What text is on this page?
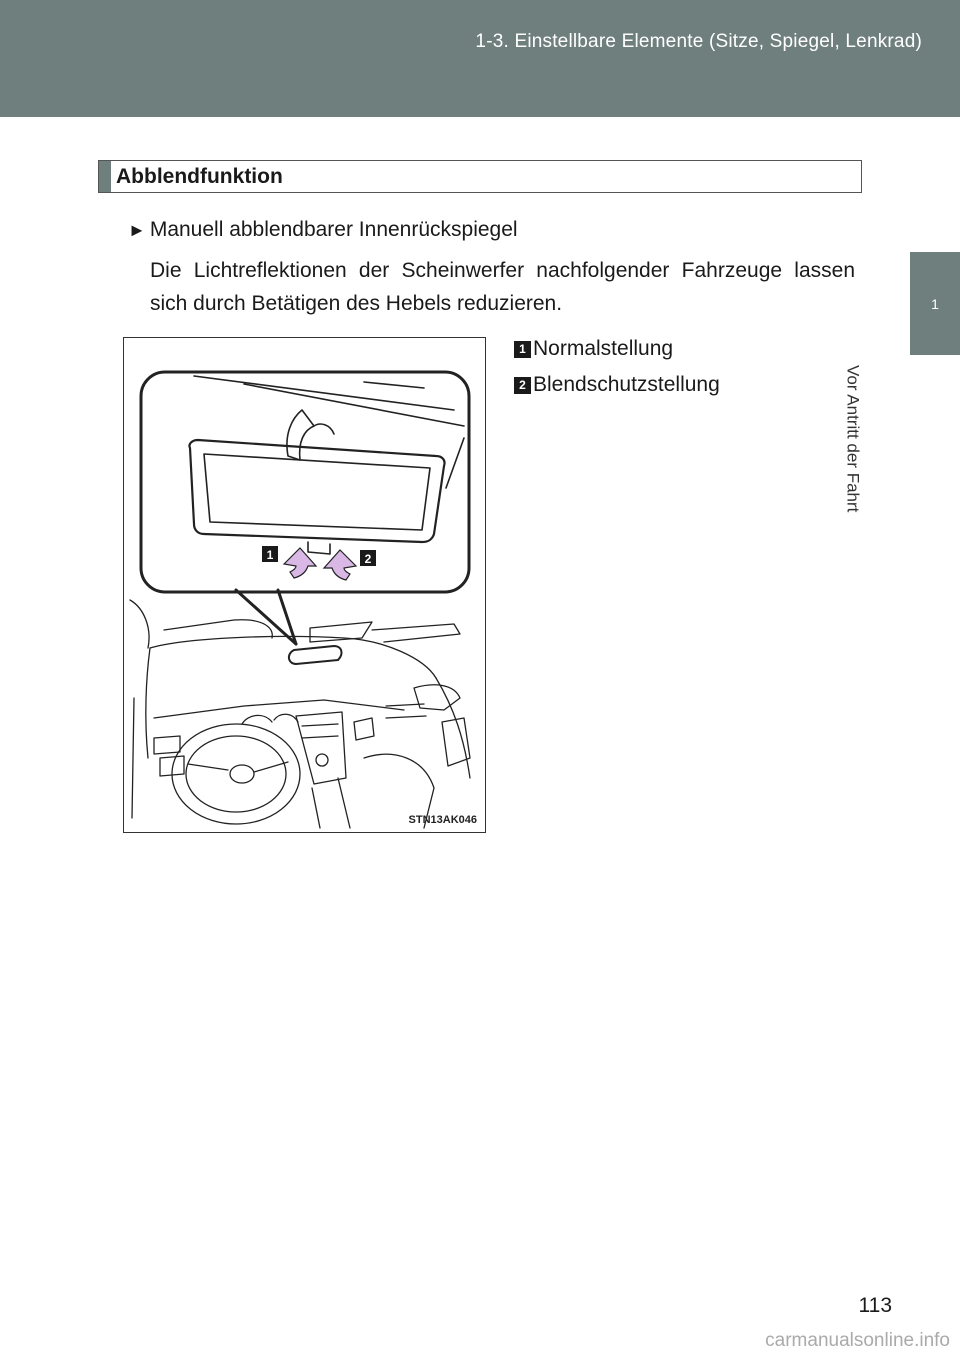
1-3. Einstellbare Elemente (Sitze, Spiegel, Lenkrad)
1
Vor Antritt der Fahrt
Abblendfunktion
► Manuell abblendbarer Innenrückspiegel
Die Lichtreflektionen der Scheinwerfer nachfolgender Fahrzeuge lassen sich durch Betätigen des Hebels reduzieren.
1	2
STN13AK046
1 Normalstellung
2 Blendschutzstellung
113
carmanualsonline.info
